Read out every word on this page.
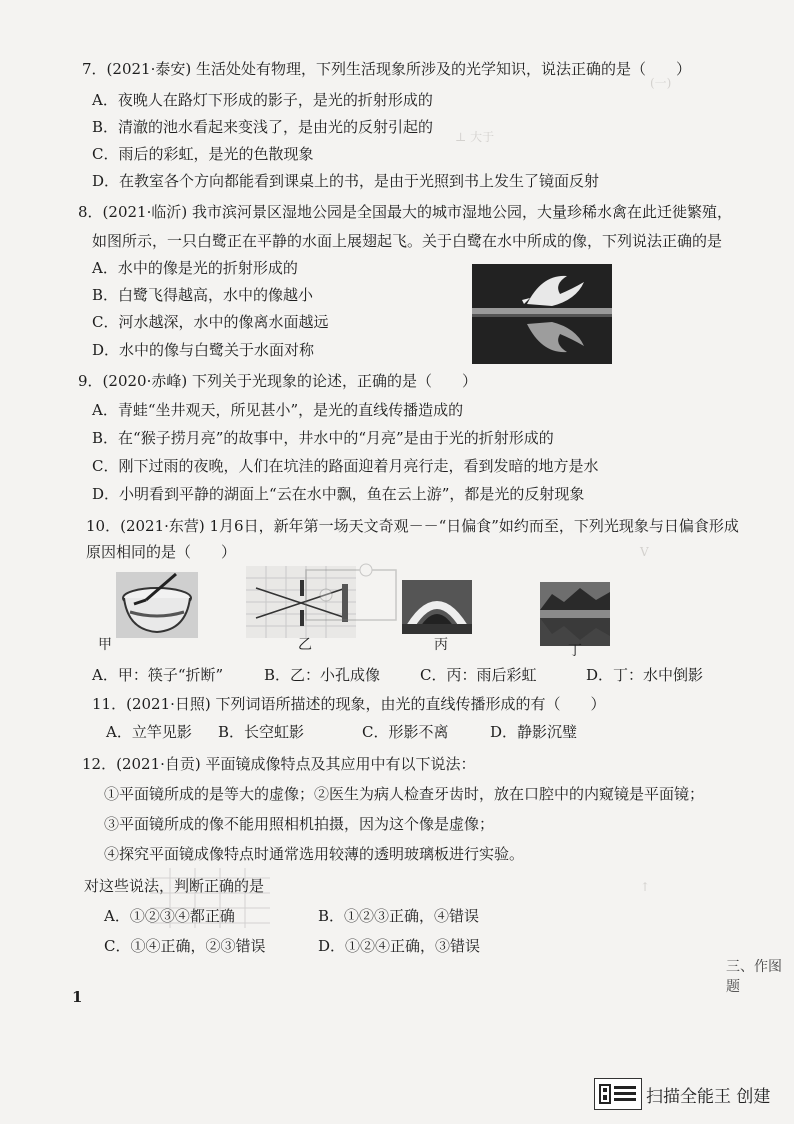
(一)
⊥ 大于
V
↑
7．(2021·泰安) 生活处处有物理，下列生活现象所涉及的光学知识，说法正确的是（　　）
A．夜晚人在路灯下形成的影子，是光的折射形成的
B．清澈的池水看起来变浅了，是由光的反射引起的
C．雨后的彩虹，是光的色散现象
D．在教室各个方向都能看到课桌上的书，是由于光照到书上发生了镜面反射
8．(2021·临沂) 我市滨河景区湿地公园是全国最大的城市湿地公园，大量珍稀水禽在此迁徙繁殖，
如图所示，一只白鹭正在平静的水面上展翅起飞。关于白鹭在水中所成的像，下列说法正确的是
A．水中的像是光的折射形成的
B．白鹭飞得越高，水中的像越小
C．河水越深，水中的像离水面越远
D．水中的像与白鹭关于水面对称
9．(2020·赤峰) 下列关于光现象的论述，正确的是（　　）
A．青蛙“坐井观天，所见甚小”，是光的直线传播造成的
B．在“猴子捞月亮”的故事中，井水中的“月亮”是由于光的折射形成的
C．刚下过雨的夜晚，人们在坑洼的路面迎着月亮行走，看到发暗的地方是水
D．小明看到平静的湖面上“云在水中飘，鱼在云上游”，都是光的反射现象
10．(2021·东营) 1月6日，新年第一场天文奇观－－“日偏食”如约而至，下列光现象与日偏食形成
原因相同的是（　　）
甲	乙	丙	丁
A．甲：筷子“折断”	B．乙：小孔成像	C．丙：雨后彩虹	D．丁：水中倒影
11．(2021·日照) 下列词语所描述的现象，由光的直线传播形成的有（　　）
A．立竿见影 B．长空虹影	C．形影不离	D．静影沉璧
12．(2021·自贡) 平面镜成像特点及其应用中有以下说法：
①平面镜所成的是等大的虚像；②医生为病人检查牙齿时，放在口腔中的内窥镜是平面镜；
③平面镜所成的像不能用照相机拍摄，因为这个像是虚像；
④探究平面镜成像特点时通常选用较薄的透明玻璃板进行实验。
对这些说法，判断正确的是
A．①②③④都正确	B．①②③正确，④错误
C．①④正确，②③错误	D．①②④正确，③错误
1
三、作图题
扫描全能王 创建
